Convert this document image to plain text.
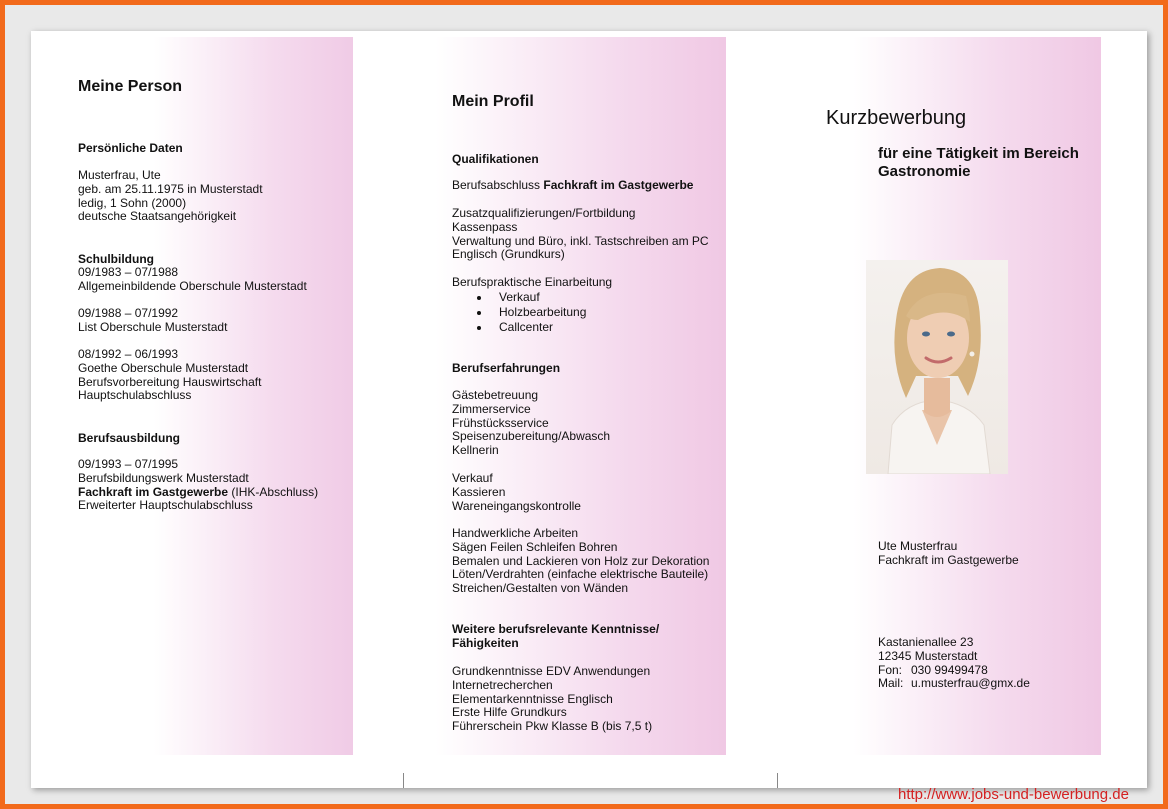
Meine Person
Persönliche Daten
Musterfrau, Ute
geb. am 25.11.1975 in Musterstadt
ledig, 1 Sohn (2000)
deutsche Staatsangehörigkeit
Schulbildung
09/1983 – 07/1988
Allgemeinbildende Oberschule Musterstadt
09/1988 – 07/1992
List Oberschule Musterstadt
08/1992 – 06/1993
Goethe Oberschule Musterstadt
Berufsvorbereitung Hauswirtschaft
Hauptschulabschluss
Berufsausbildung
09/1993 – 07/1995
Berufsbildungswerk Musterstadt
Fachkraft im Gastgewerbe (IHK-Abschluss)
Erweiterter Hauptschulabschluss
Mein Profil
Qualifikationen
Berufsabschluss Fachkraft im Gastgewerbe
Zusatzqualifizierungen/Fortbildung
Kassenpass
Verwaltung und Büro, inkl. Tastschreiben am PC
Englisch (Grundkurs)
Berufspraktische Einarbeitung
Verkauf
Holzbearbeitung
Callcenter
Berufserfahrungen
Gästebetreuung
Zimmerservice
Frühstücksservice
Speisenzubereitung/Abwasch
Kellnerin
Verkauf
Kassieren
Wareneingangskontrolle
Handwerkliche Arbeiten
Sägen Feilen Schleifen Bohren
Bemalen und Lackieren von Holz zur Dekoration
Löten/Verdrahten (einfache elektrische Bauteile)
Streichen/Gestalten von Wänden
Weitere berufsrelevante Kenntnisse/
Fähigkeiten
Grundkenntnisse EDV Anwendungen
Internetrecherchen
Elementarkenntnisse Englisch
Erste Hilfe Grundkurs
Führerschein Pkw Klasse B (bis 7,5 t)
Kurzbewerbung
für eine Tätigkeit im Bereich
Gastronomie
Ute Musterfrau
Fachkraft im Gastgewerbe
Kastanienallee 23
12345 Musterstadt
Fon: 030 99499478
Mail: u.musterfrau@gmx.de
http://www.jobs-und-bewerbung.de
